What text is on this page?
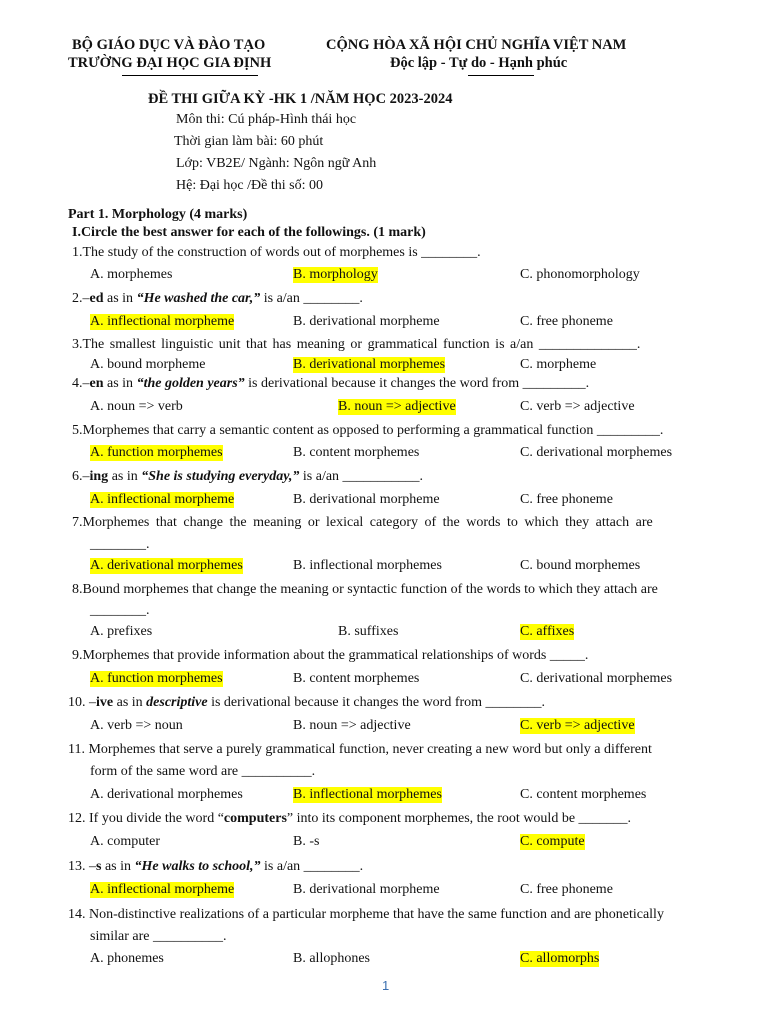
BỘ GIÁO DỤC VÀ ĐÀO TẠO
TRƯỜNG ĐẠI HỌC GIA ĐỊNH
CỘNG HÒA XÃ HỘI CHỦ NGHĨA VIỆT NAM
Độc lập - Tự do - Hạnh phúc
ĐỀ THI GIỮA KỲ -HK 1 /NĂM HỌC 2023-2024
Môn thi: Cú pháp-Hình thái học
Thời gian làm bài: 60 phút
Lớp: VB2E/ Ngành: Ngôn ngữ Anh
Hệ: Đại học /Đề thi số: 00
Part 1. Morphology (4 marks)
I.Circle the best answer for each of the followings. (1 mark)
1.The study of the construction of words out of morphemes is ________.
A. morphemes	B. morphology	C. phonomorphology
2.–ed as in “He washed the car,” is a/an ________.
A. inflectional morpheme	B. derivational morpheme	C. free phoneme
3.The smallest linguistic unit that has meaning or grammatical function is a/an ______________.
A. bound morpheme	B. derivational morphemes	C. morpheme
4.–en as in “the golden years” is derivational because it changes the word from _________.
A. noun => verb	B. noun => adjective	C. verb => adjective
5.Morphemes that carry a semantic content as opposed to performing a grammatical function _________.
A. function morphemes	B. content morphemes	C. derivational morphemes
6.–ing as in “She is studying everyday,” is a/an ___________.
A. inflectional morpheme	B. derivational morpheme	C. free phoneme
7.Morphemes that change the meaning or lexical category of the words to which they attach are
________.
A. derivational morphemes	B. inflectional morphemes	C. bound morphemes
8.Bound morphemes that change the meaning or syntactic function of the words to which they attach are
________.
A. prefixes	B. suffixes	C. affixes
9.Morphemes that provide information about the grammatical relationships of words _____.
A. function morphemes	B. content morphemes	C. derivational morphemes
10. –ive as in descriptive is derivational because it changes the word from ________.
A. verb => noun	B. noun => adjective	C. verb => adjective
11. Morphemes that serve a purely grammatical function, never creating a new word but only a different
form of the same word are __________.
A. derivational morphemes	B. inflectional morphemes	C. content morphemes
12. If you divide the word “computers” into its component morphemes, the root would be _______.
A. computer	B. -s	C. compute
13. –s as in “He walks to school,” is a/an ________.
A. inflectional morpheme	B. derivational morpheme	C. free phoneme
14. Non-distinctive realizations of a particular morpheme that have the same function and are phonetically
similar are __________.
A. phonemes	B. allophones	C. allomorphs
1
